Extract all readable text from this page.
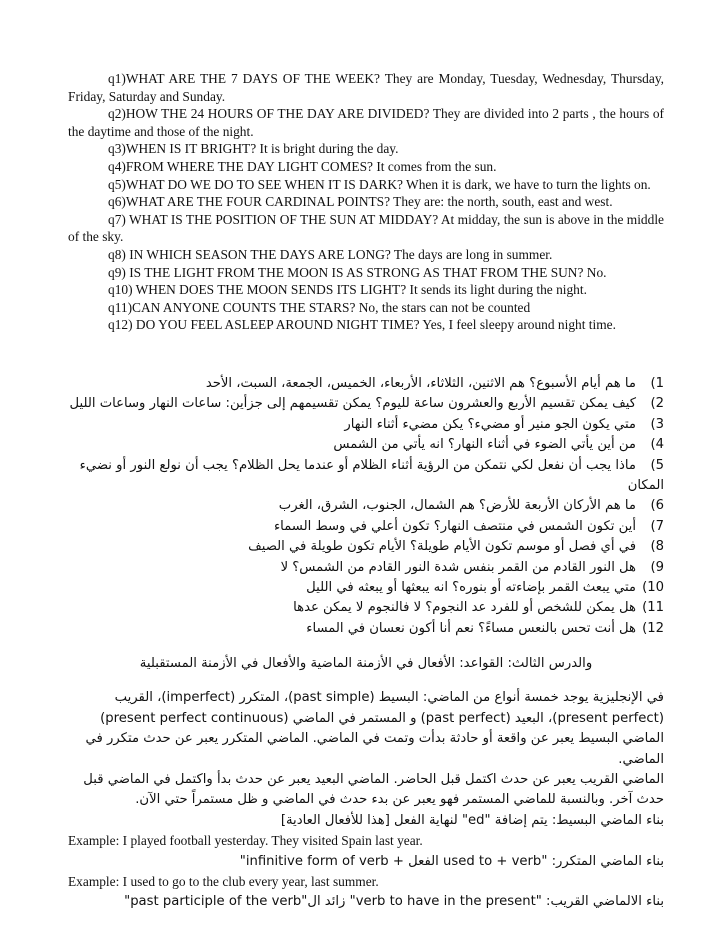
q1)WHAT ARE THE 7 DAYS OF THE WEEK? They are Monday, Tuesday, Wednesday, Thursday, Friday, Saturday and Sunday.

q2)HOW THE 24 HOURS OF THE DAY ARE DIVIDED? They are divided into 2 parts , the hours of the daytime and those of the night.

q3)WHEN IS IT BRIGHT? It is bright during the day.

q4)FROM WHERE THE DAY LIGHT COMES? It comes from the sun.

q5)WHAT DO WE DO TO SEE WHEN IT IS DARK? When it is dark, we have to turn the lights on.

q6)WHAT ARE THE FOUR CARDINAL POINTS? They are: the north, south, east and west.

q7) WHAT IS THE POSITION OF THE SUN AT MIDDAY? At midday, the sun is above in the middle of the sky.

q8) IN WHICH SEASON THE DAYS ARE LONG? The days are long in summer.

q9) IS THE LIGHT FROM THE MOON IS AS STRONG AS THAT FROM THE SUN? No.

q10) WHEN DOES THE MOON SENDS ITS LIGHT? It sends its light during the night.

q11)CAN ANYONE COUNTS THE STARS? No, the stars can not be counted

q12) DO YOU FEEL ASLEEP AROUND NIGHT TIME? Yes, I feel sleepy around night time.

1)ما هم أيام الأسبوع؟ هم الاثنين، الثلاثاء، الأربعاء، الخميس، الجمعة، السبت، الأحد
2)كيف يمكن تقسيم الأربع والعشرون ساعة لليوم؟ يمكن تقسيمهم إلى جزأين: ساعات النهار وساعات الليل
3)متي يكون الجو منير أو مضيء؟ يكن مضيء أثناء النهار
4)من أين يأتي الضوء في أثناء النهار؟ انه يأتي من الشمس
5)ماذا يجب أن نفعل لكي نتمكن من الرؤية أثناء الظلام أو عندما يحل الظلام؟ يجب أن نولع النور أو نضيء المكان
6)ما هم الأركان الأربعة للأرض؟ هم الشمال، الجنوب، الشرق، الغرب
7)أين تكون الشمس في منتصف النهار؟ تكون أعلي في وسط السماء
8)في أي فصل أو موسم تكون الأيام طويلة؟ الأيام تكون طويلة في الصيف
9)هل النور القادم من القمر بنفس شدة النور القادم من الشمس؟ لا
10)متي يبعث القمر بإضاءته أو بنوره؟ انه يبعثها أو يبعثه في الليل
11)هل يمكن للشخص أو للفرد عد النجوم؟ لا فالنجوم لا يمكن عدها
12)هل أنت تحس بالنعس مساءً؟ نعم أنا أكون نعسان في المساء

والدرس الثالث: القواعد: الأفعال في الأزمنة الماضية والأفعال في الأزمنة المستقبلية

في الإنجليزية يوجد خمسة أنواع من الماضي: البسيط (past simple)، المتكرر (imperfect)، القريب (present perfect)، البعيد (past perfect) و المستمر في الماضي (present perfect continuous)

الماضي البسيط يعبر عن واقعة أو حادثة بدأت وتمت في الماضي. الماضي المتكرر يعبر عن حدث متكرر في الماضي.

الماضي القريب يعبر عن حدث اكتمل قبل الحاضر. الماضي البعيد يعبر عن حدث بدأ واكتمل في الماضي قبل حدث آخر. وبالنسبة للماضي المستمر فهو يعبر عن بدء حدث في الماضي و ظل مستمراً حتي الآن.

بناء الماضي البسيط: يتم إضافة "ed" لنهاية الفعل [هذا للأفعال العادية]

Example: I played football yesterday. They visited Spain last year.

بناء الماضي المتكرر: "used to + verb الفعل + infinitive form of verb"

Example: I used to go to the club every year, last summer.

بناء الالماضي القريب: "verb to have in the present" زائد ال"past participle of the verb"
